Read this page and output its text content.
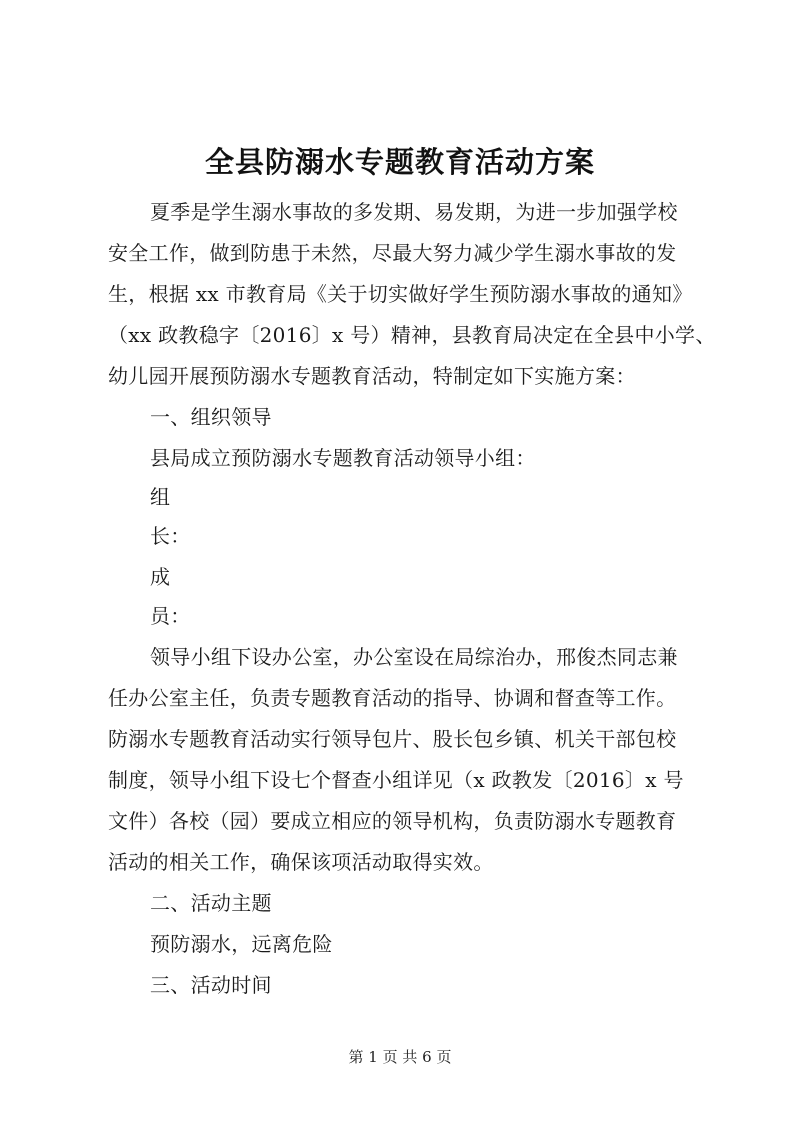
全县防溺水专题教育活动方案
夏季是学生溺水事故的多发期、易发期，为进一步加强学校
安全工作，做到防患于未然，尽最大努力减少学生溺水事故的发
生，根据 xx 市教育局《关于切实做好学生预防溺水事故的通知》
（xx 政教稳字〔2016〕x 号）精神，县教育局决定在全县中小学、
幼儿园开展预防溺水专题教育活动，特制定如下实施方案：
一、组织领导
县局成立预防溺水专题教育活动领导小组：
组
长：
成
员：
领导小组下设办公室，办公室设在局综治办，邢俊杰同志兼
任办公室主任，负责专题教育活动的指导、协调和督查等工作。
防溺水专题教育活动实行领导包片、股长包乡镇、机关干部包校
制度，领导小组下设七个督查小组详见（x 政教发〔2016〕x 号
文件）各校（园）要成立相应的领导机构，负责防溺水专题教育
活动的相关工作，确保该项活动取得实效。
二、活动主题
预防溺水，远离危险
三、活动时间
第 1 页 共 6 页
